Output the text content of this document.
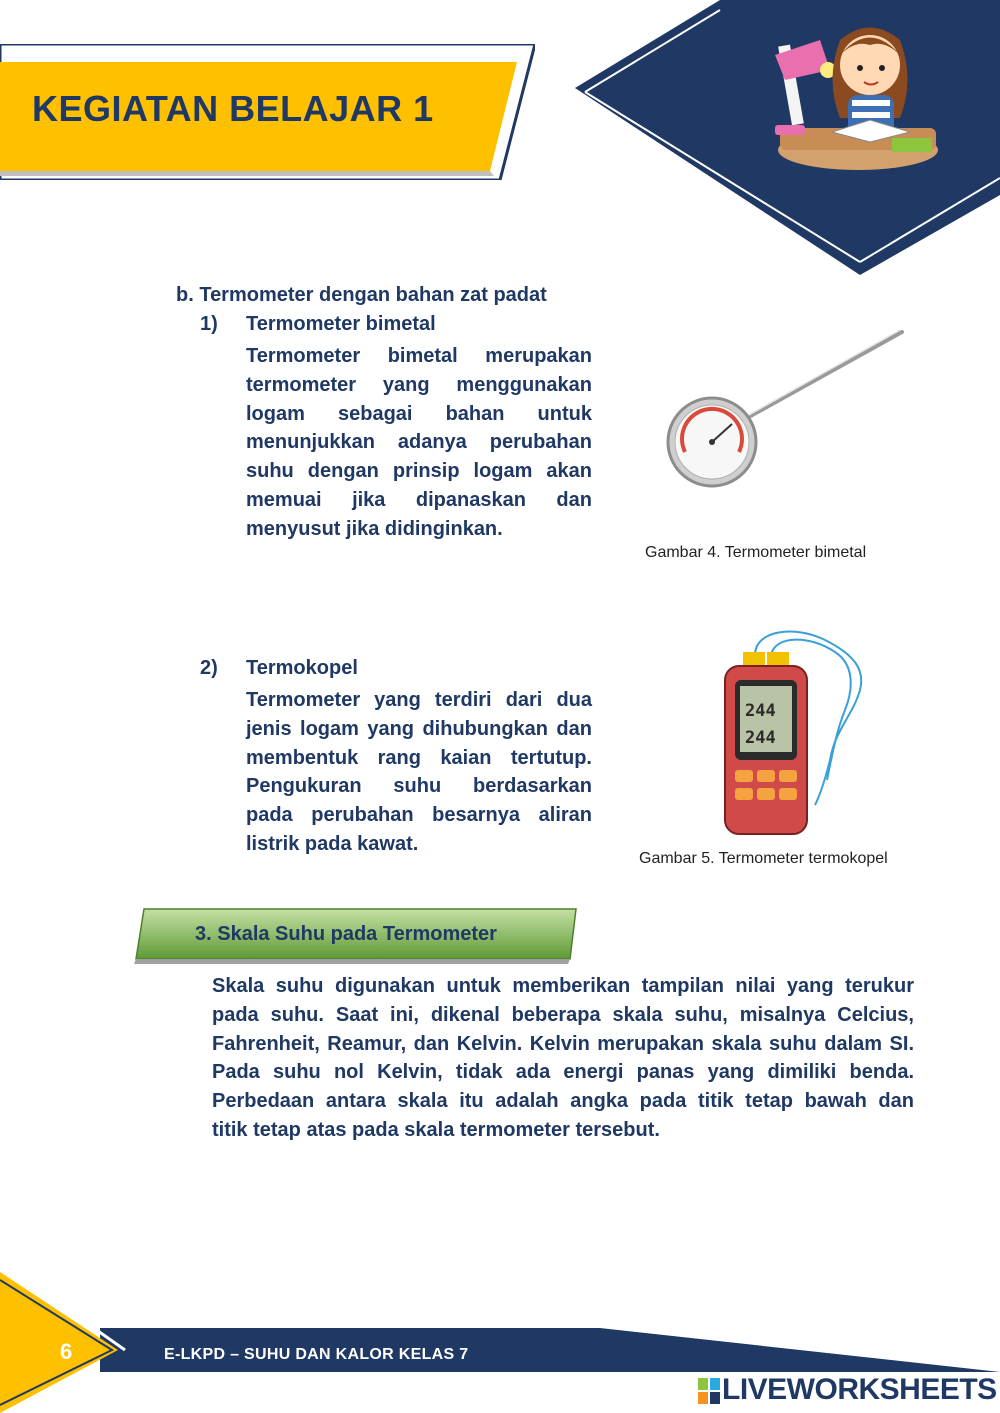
KEGIATAN BELAJAR 1
b. Termometer dengan bahan zat padat
1) Termometer bimetal
Termometer bimetal merupakan
termometer yang menggunakan
logam sebagai bahan untuk
menunjukkan adanya perubahan
suhu dengan prinsip logam akan
memuai jika dipanaskan dan
menyusut jika didinginkan.
Gambar 4. Termometer bimetal
2) Termokopel
Termometer yang terdiri dari dua
jenis logam yang dihubungkan dan
membentuk rang kaian tertutup.
Pengukuran suhu berdasarkan
pada perubahan besarnya aliran
listrik pada kawat.
244
244
Gambar 5. Termometer termokopel
3. Skala Suhu pada Termometer
Skala suhu digunakan untuk memberikan tampilan nilai yang terukur
pada suhu. Saat ini, dikenal beberapa skala suhu, misalnya Celcius,
Fahrenheit, Reamur, dan Kelvin. Kelvin merupakan skala suhu dalam SI.
Pada suhu nol Kelvin, tidak ada energi panas yang dimiliki benda.
Perbedaan antara skala itu adalah angka pada titik tetap bawah dan
titik tetap atas pada skala termometer tersebut.
6	E-LKPD – SUHU DAN KALOR KELAS 7
LIVEWORKSHEETS
